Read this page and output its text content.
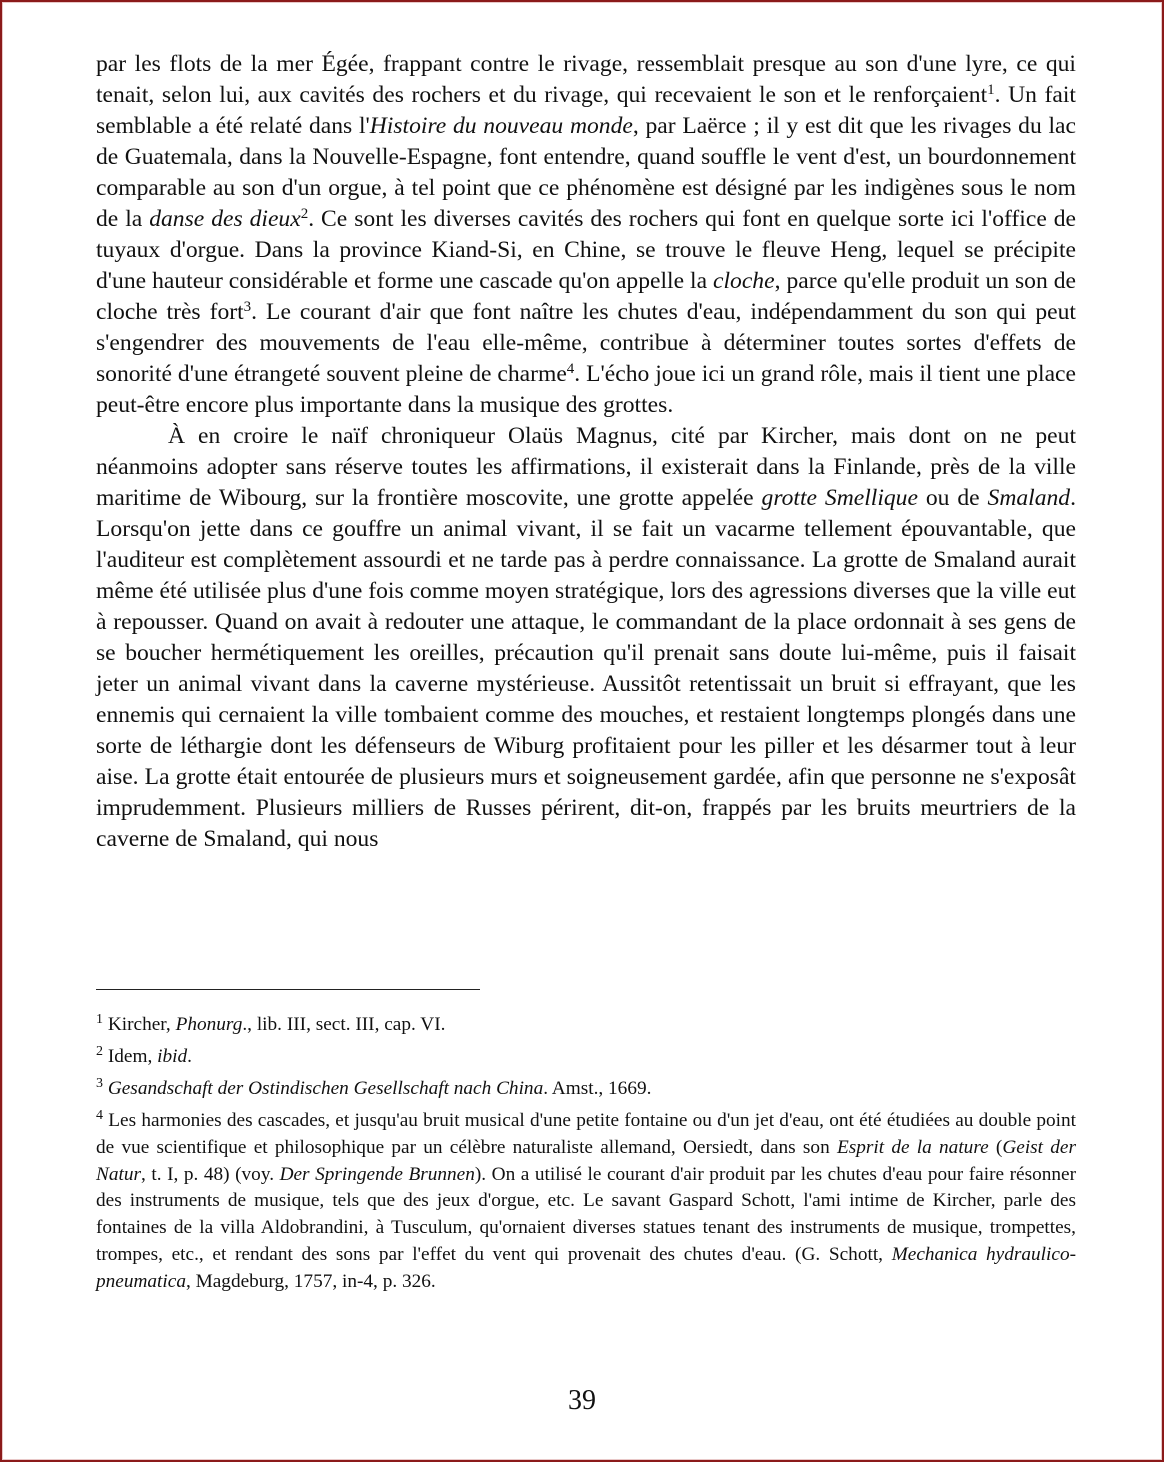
par les flots de la mer Égée, frappant contre le rivage, ressemblait presque au son d'une lyre, ce qui tenait, selon lui, aux cavités des rochers et du rivage, qui recevaient le son et le renforçaient$^1$. Un fait semblable a été relaté dans l'Histoire du nouveau monde, par Laërce ; il y est dit que les rivages du lac de Guatemala, dans la Nouvelle-Espagne, font entendre, quand souffle le vent d'est, un bourdonnement comparable au son d'un orgue, à tel point que ce phénomène est désigné par les indigènes sous le nom de la danse des dieux$^2$. Ce sont les diverses cavités des rochers qui font en quelque sorte ici l'office de tuyaux d'orgue. Dans la province Kiand-Si, en Chine, se trouve le fleuve Heng, lequel se précipite d'une hauteur considérable et forme une cascade qu'on appelle la cloche, parce qu'elle produit un son de cloche très fort$^3$. Le courant d'air que font naître les chutes d'eau, indépendamment du son qui peut s'engendrer des mouvements de l'eau elle-même, contribue à déterminer toutes sortes d'effets de sonorité d'une étrangeté souvent pleine de charme$^4$. L'écho joue ici un grand rôle, mais il tient une place peut-être encore plus importante dans la musique des grottes.

À en croire le naïf chroniqueur Olaüs Magnus, cité par Kircher, mais dont on ne peut néanmoins adopter sans réserve toutes les affirmations, il existerait dans la Finlande, près de la ville maritime de Wibourg, sur la frontière moscovite, une grotte appelée grotte Smellique ou de Smaland. Lorsqu'on jette dans ce gouffre un animal vivant, il se fait un vacarme tellement épouvantable, que l'auditeur est complètement assourdi et ne tarde pas à perdre connaissance. La grotte de Smaland aurait même été utilisée plus d'une fois comme moyen stratégique, lors des agressions diverses que la ville eut à repousser. Quand on avait à redouter une attaque, le commandant de la place ordonnait à ses gens de se boucher hermétiquement les oreilles, précaution qu'il prenait sans doute lui-même, puis il faisait jeter un animal vivant dans la caverne mystérieuse. Aussitôt retentissait un bruit si effrayant, que les ennemis qui cernaient la ville tombaient comme des mouches, et restaient longtemps plongés dans une sorte de léthargie dont les défenseurs de Wiburg profitaient pour les piller et les désarmer tout à leur aise. La grotte était entourée de plusieurs murs et soigneusement gardée, afin que personne ne s'exposât imprudemment. Plusieurs milliers de Russes périrent, dit-on, frappés par les bruits meurtriers de la caverne de Smaland, qui nous

$^1$ Kircher, Phonurg., lib. III, sect. III, cap. VI.

$^2$ Idem, ibid.

$^3$ Gesandschaft der Ostindischen Gesellschaft nach China. Amst., 1669.

$^4$ Les harmonies des cascades, et jusqu'au bruit musical d'une petite fontaine ou d'un jet d'eau, ont été étudiées au double point de vue scientifique et philosophique par un célèbre naturaliste allemand, Oersiedt, dans son Esprit de la nature (Geist der Natur, t. I, p. 48) (voy. Der Springende Brunnen). On a utilisé le courant d'air produit par les chutes d'eau pour faire résonner des instruments de musique, tels que des jeux d'orgue, etc. Le savant Gaspard Schott, l'ami intime de Kircher, parle des fontaines de la villa Aldobrandini, à Tusculum, qu'ornaient diverses statues tenant des instruments de musique, trompettes, trompes, etc., et rendant des sons par l'effet du vent qui provenait des chutes d'eau. (G. Schott, Mechanica hydraulico-pneumatica, Magdeburg, 1757, in-4, p. 326.

39
